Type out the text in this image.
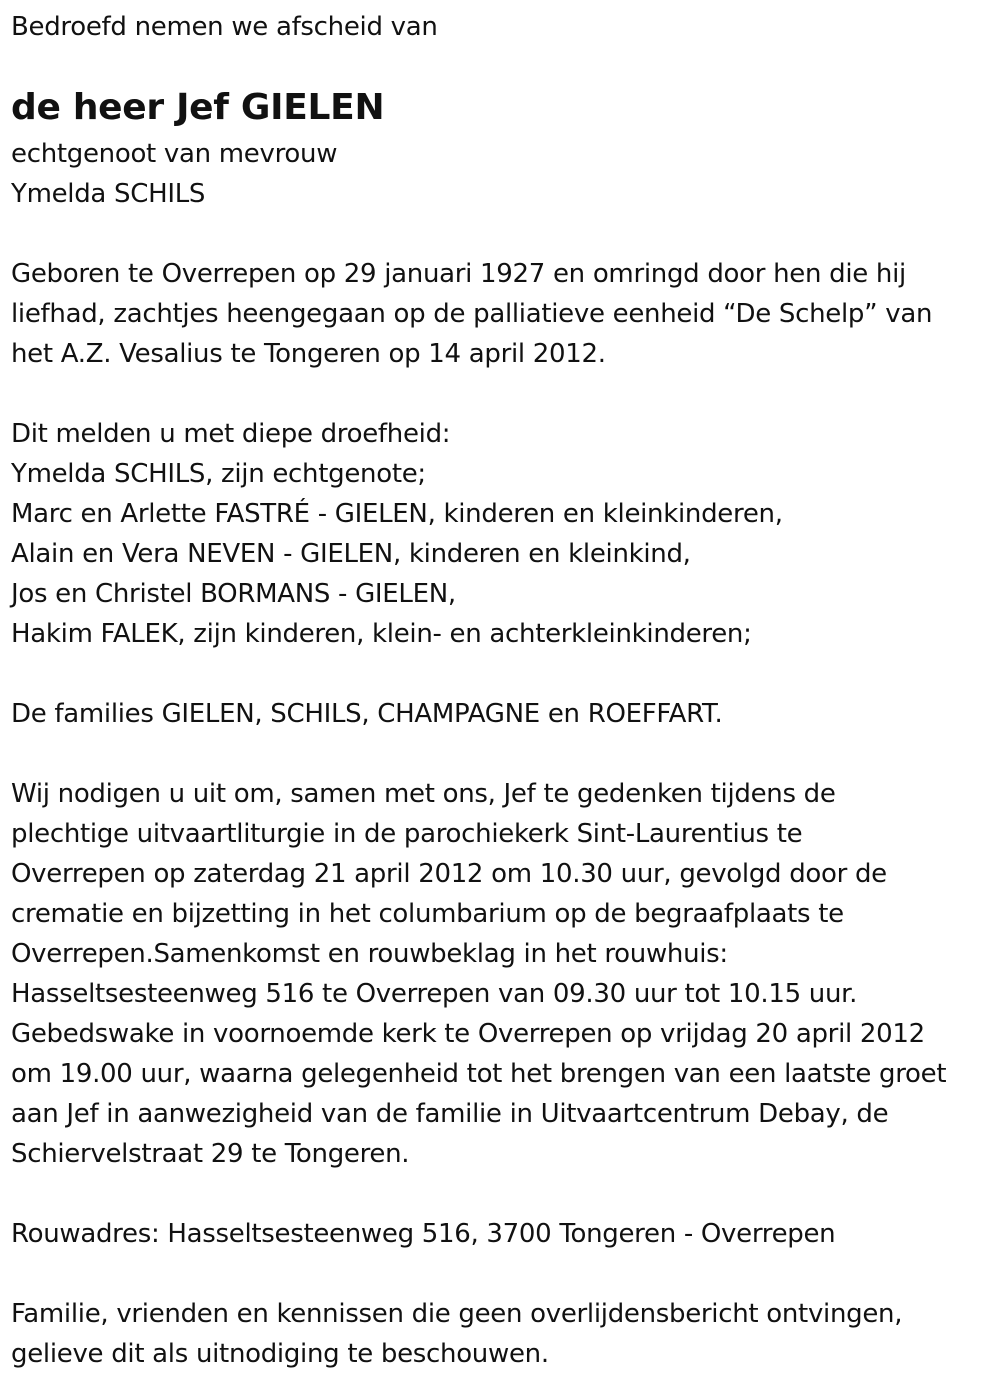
Bedroefd nemen we afscheid van
de heer Jef GIELEN
echtgenoot van mevrouw
Ymelda SCHILS
Geboren te Overrepen op 29 januari 1927 en omringd door hen die hij
liefhad, zachtjes heengegaan op de palliatieve eenheid “De Schelp” van
het A.Z. Vesalius te Tongeren op 14 april 2012.
Dit melden u met diepe droefheid:
Ymelda SCHILS, zijn echtgenote;
Marc en Arlette FASTRÉ - GIELEN, kinderen en kleinkinderen,
Alain en Vera NEVEN - GIELEN, kinderen en kleinkind,
Jos en Christel BORMANS - GIELEN,
Hakim FALEK, zijn kinderen, klein- en achterkleinkinderen;
De families GIELEN, SCHILS, CHAMPAGNE en ROEFFART.
Wij nodigen u uit om, samen met ons, Jef te gedenken tijdens de
plechtige uitvaartliturgie in de parochiekerk Sint-Laurentius te
Overrepen op zaterdag 21 april 2012 om 10.30 uur, gevolgd door de
crematie en bijzetting in het columbarium op de begraafplaats te
Overrepen.Samenkomst en rouwbeklag in het rouwhuis:
Hasseltsesteenweg 516 te Overrepen van 09.30 uur tot 10.15 uur.
Gebedswake in voornoemde kerk te Overrepen op vrijdag 20 april 2012
om 19.00 uur, waarna gelegenheid tot het brengen van een laatste groet
aan Jef in aanwezigheid van de familie in Uitvaartcentrum Debay, de
Schiervelstraat 29 te Tongeren.
Rouwadres: Hasseltsesteenweg 516, 3700 Tongeren - Overrepen
Familie, vrienden en kennissen die geen overlijdensbericht ontvingen,
gelieve dit als uitnodiging te beschouwen.
